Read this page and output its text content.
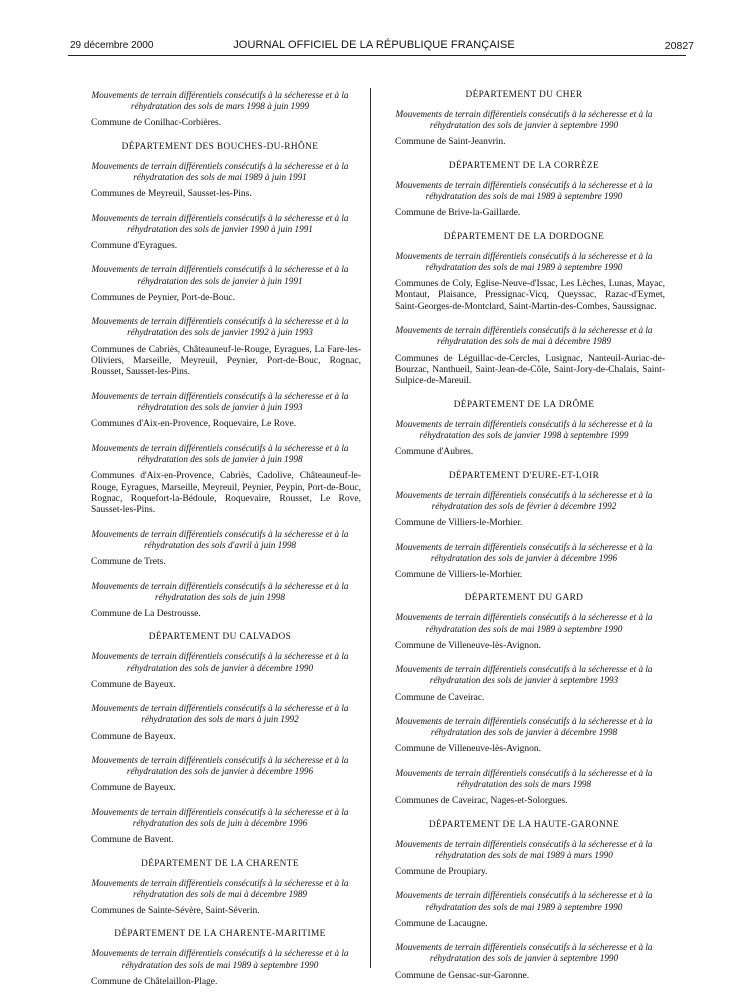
29 décembre 2000	JOURNAL OFFICIEL DE LA RÉPUBLIQUE FRANÇAISE	20827

Mouvements de terrain différentiels consécutifs à la sécheresse et à la réhydratation des sols de mars 1998 à juin 1999

Commune de Conilhac-Corbières.

DÉPARTEMENT DES BOUCHES-DU-RHÔNE

Mouvements de terrain différentiels consécutifs à la sécheresse et à la réhydratation des sols de mai 1989 à juin 1991

Communes de Meyreuil, Sausset-les-Pins.

Mouvements de terrain différentiels consécutifs à la sécheresse et à la réhydratation des sols de janvier 1990 à juin 1991

Commune d'Eyragues.

Mouvements de terrain différentiels consécutifs à la sécheresse et à la réhydratation des sols de janvier à juin 1991

Communes de Peynier, Port-de-Bouc.

Mouvements de terrain différentiels consécutifs à la sécheresse et à la réhydratation des sols de janvier 1992 à juin 1993

Communes de Cabriès, Châteauneuf-le-Rouge, Eyragues, La Fare-les-Oliviers, Marseille, Meyreuil, Peynier, Port-de-Bouc, Rognac, Rousset, Sausset-les-Pins.

Mouvements de terrain différentiels consécutifs à la sécheresse et à la réhydratation des sols de janvier à juin 1993

Communes d'Aix-en-Provence, Roquevaire, Le Rove.

Mouvements de terrain différentiels consécutifs à la sécheresse et à la réhydratation des sols de janvier à juin 1998

Communes d'Aix-en-Provence, Cabriès, Cadolive, Châteauneuf-le-Rouge, Eyragues, Marseille, Meyreuil, Peynier, Peypin, Port-de-Bouc, Rognac, Roquefort-la-Bédoule, Roquevaire, Rousset, Le Rove, Sausset-les-Pins.

Mouvements de terrain différentiels consécutifs à la sécheresse et à la réhydratation des sols d'avril à juin 1998

Commune de Trets.

Mouvements de terrain différentiels consécutifs à la sécheresse et à la réhydratation des sols de juin 1998

Commune de La Destrousse.

DÉPARTEMENT DU CALVADOS

Mouvements de terrain différentiels consécutifs à la sécheresse et à la réhydratation des sols de janvier à décembre 1990

Commune de Bayeux.

Mouvements de terrain différentiels consécutifs à la sécheresse et à la réhydratation des sols de mars à juin 1992

Commune de Bayeux.

Mouvements de terrain différentiels consécutifs à la sécheresse et à la réhydratation des sols de janvier à décembre 1996

Commune de Bayeux.

Mouvements de terrain différentiels consécutifs à la sécheresse et à la réhydratation des sols de juin à décembre 1996

Commune de Bavent.

DÉPARTEMENT DE LA CHARENTE

Mouvements de terrain différentiels consécutifs à la sécheresse et à la réhydratation des sols de mai à décembre 1989

Communes de Sainte-Sévère, Saint-Séverin.

DÉPARTEMENT DE LA CHARENTE-MARITIME

Mouvements de terrain différentiels consécutifs à la sécheresse et à la réhydratation des sols de mai 1989 à septembre 1990

Commune de Châtelaillon-Plage.

DÉPARTEMENT DU CHER

Mouvements de terrain différentiels consécutifs à la sécheresse et à la réhydratation des sols de janvier à septembre 1990

Commune de Saint-Jeanvrin.

DÉPARTEMENT DE LA CORRÈZE

Mouvements de terrain différentiels consécutifs à la sécheresse et à la réhydratation des sols de mai 1989 à septembre 1990

Commune de Brive-la-Gaillarde.

DÉPARTEMENT DE LA DORDOGNE

Mouvements de terrain différentiels consécutifs à la sécheresse et à la réhydratation des sols de mai 1989 à septembre 1990

Communes de Coly, Eglise-Neuve-d'Issac, Les Lèches, Lunas, Mayac, Montaut, Plaisance, Pressignac-Vicq, Queyssac, Razac-d'Eymet, Saint-Georges-de-Montclard, Saint-Martin-des-Combes, Saussignac.

Mouvements de terrain différentiels consécutifs à la sécheresse et à la réhydratation des sols de mai à décembre 1989

Communes de Léguillac-de-Cercles, Lusignac, Nanteuil-Auriac-de-Bourzac, Nanthueil, Saint-Jean-de-Côle, Saint-Jory-de-Chalais, Saint-Sulpice-de-Mareuil.

DÉPARTEMENT DE LA DRÔME

Mouvements de terrain différentiels consécutifs à la sécheresse et à la réhydratation des sols de janvier 1998 à septembre 1999

Commune d'Aubres.

DÉPARTEMENT D'EURE-ET-LOIR

Mouvements de terrain différentiels consécutifs à la sécheresse et à la réhydratation des sols de février à décembre 1992

Commune de Villiers-le-Morhier.

Mouvements de terrain différentiels consécutifs à la sécheresse et à la réhydratation des sols de janvier à décembre 1996

Commune de Villiers-le-Morhier.

DÉPARTEMENT DU GARD

Mouvements de terrain différentiels consécutifs à la sécheresse et à la réhydratation des sols de mai 1989 à septembre 1990

Commune de Villeneuve-lès-Avignon.

Mouvements de terrain différentiels consécutifs à la sécheresse et à la réhydratation des sols de janvier à septembre 1993

Commune de Caveirac.

Mouvements de terrain différentiels consécutifs à la sécheresse et à la réhydratation des sols de janvier à décembre 1998

Commune de Villeneuve-lès-Avignon.

Mouvements de terrain différentiels consécutifs à la sécheresse et à la réhydratation des sols de mars 1998

Communes de Caveirac, Nages-et-Solorgues.

DÉPARTEMENT DE LA HAUTE-GARONNE

Mouvements de terrain différentiels consécutifs à la sécheresse et à la réhydratation des sols de mai 1989 à mars 1990

Commune de Proupiary.

Mouvements de terrain différentiels consécutifs à la sécheresse et à la réhydratation des sols de mai 1989 à septembre 1990

Commune de Lacaugne.

Mouvements de terrain différentiels consécutifs à la sécheresse et à la réhydratation des sols de janvier à septembre 1990

Commune de Gensac-sur-Garonne.
